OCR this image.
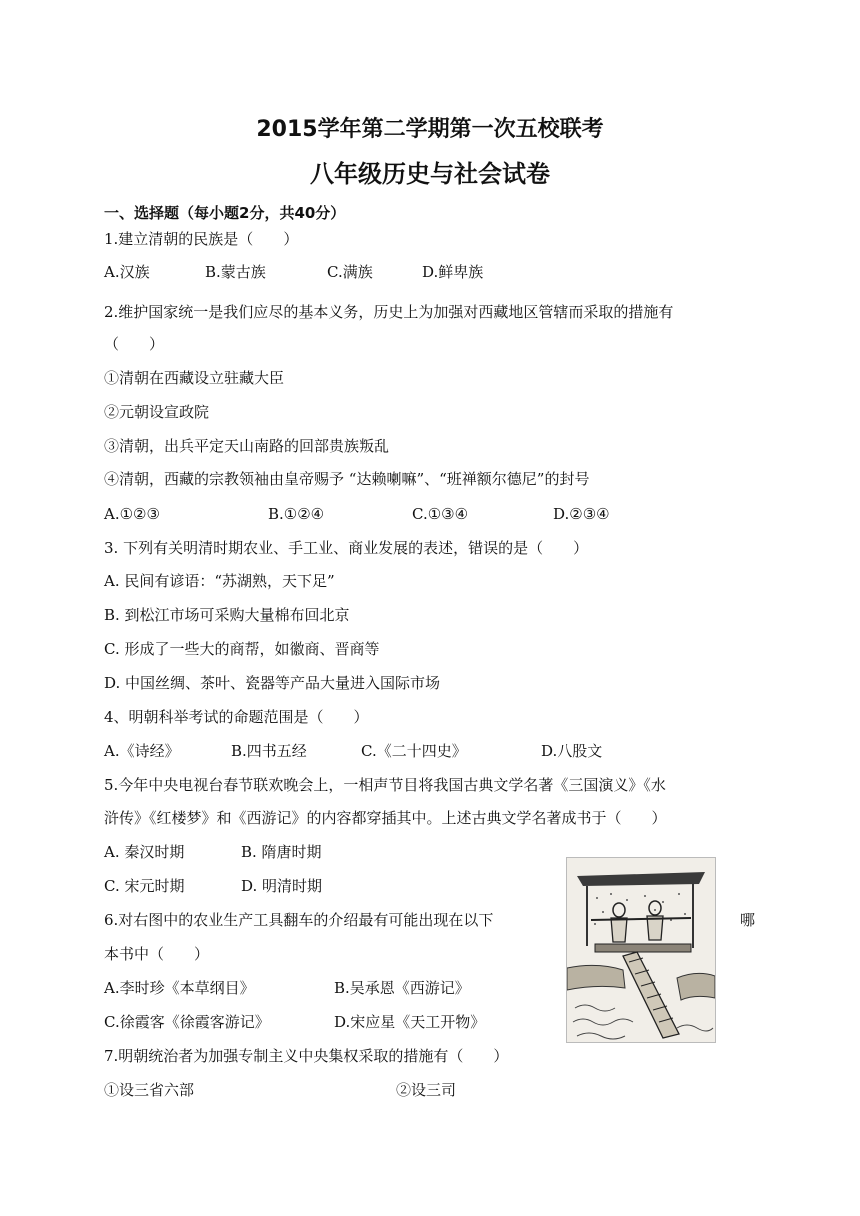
2015学年第二学期第一次五校联考
八年级历史与社会试卷
一、选择题（每小题2分，共40分）
1.建立清朝的民族是（　　）
A.汉族	B.蒙古族	C.满族	D.鲜卑族
2.维护国家统一是我们应尽的基本义务，历史上为加强对西藏地区管辖而采取的措施有
（　　）
①清朝在西藏设立驻藏大臣
②元朝设宣政院
③清朝，出兵平定天山南路的回部贵族叛乱
④清朝，西藏的宗教领袖由皇帝赐予 “达赖喇嘛”、“班禅额尔德尼”的封号
A.①②③	B.①②④	C.①③④	D.②③④
3. 下列有关明清时期农业、手工业、商业发展的表述，错误的是（　　）
A. 民间有谚语：“苏湖熟，天下足”
B. 到松江市场可采购大量棉布回北京
C. 形成了一些大的商帮，如徽商、晋商等
D. 中国丝绸、茶叶、瓷器等产品大量进入国际市场
4、明朝科举考试的命题范围是（　　）
A.《诗经》	B.四书五经	C.《二十四史》	D.八股文
5.今年中央电视台春节联欢晚会上，一相声节目将我国古典文学名著《三国演义》《水
浒传》《红楼梦》和《西游记》的内容都穿插其中。上述古典文学名著成书于（　　）
A. 秦汉时期	B. 隋唐时期
C. 宋元时期	D. 明清时期
6.对右图中的农业生产工具翻车的介绍最有可能出现在以下	哪
本书中（　　）
A.李时珍《本草纲目》	B.吴承恩《西游记》
C.徐霞客《徐霞客游记》	D.宋应星《天工开物》
7.明朝统治者为加强专制主义中央集权采取的措施有（　　）
①设三省六部	②设三司
